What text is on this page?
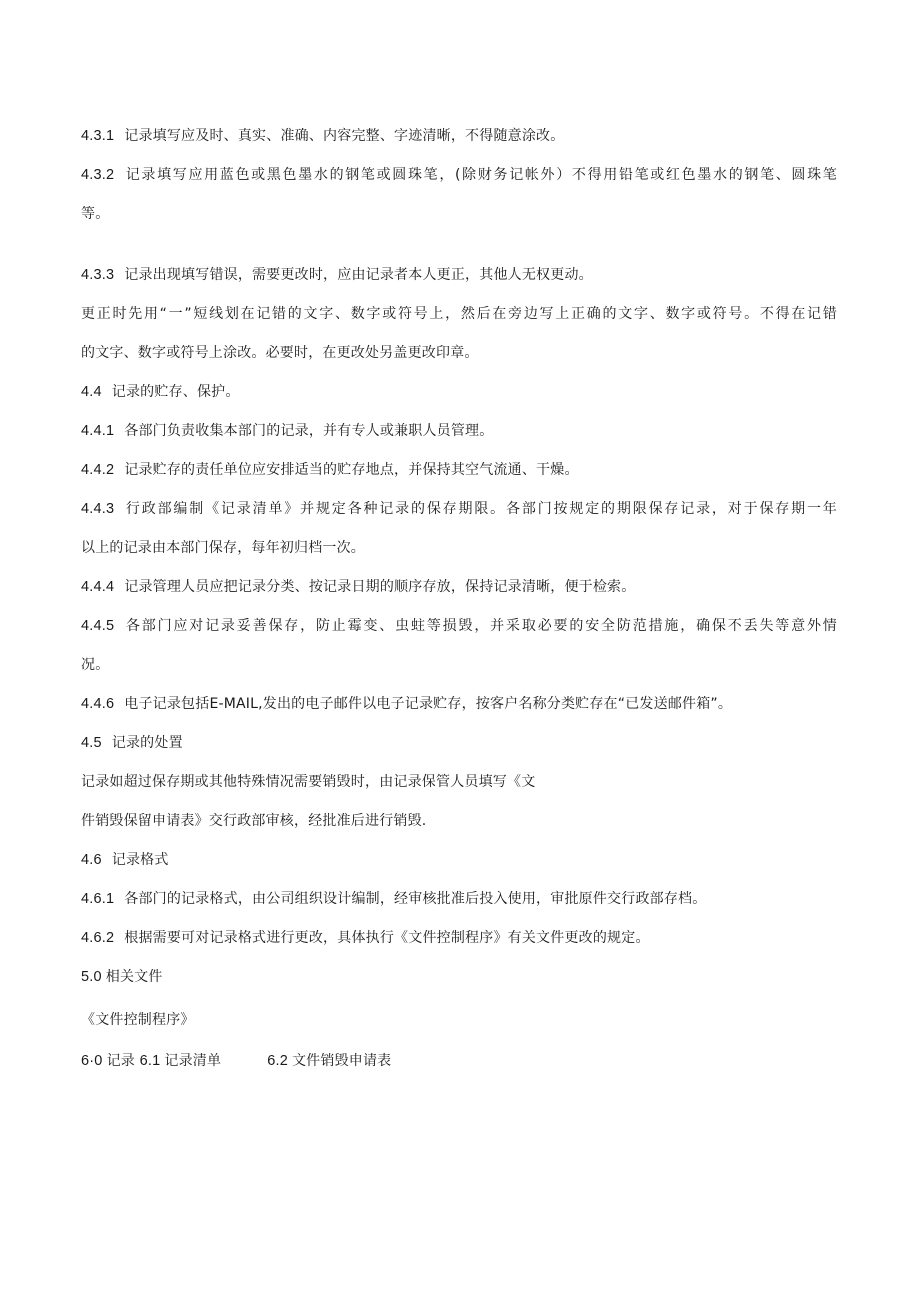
4.3.1 记录填写应及时、真实、准确、内容完整、字迹清晰，不得随意涂改。
4.3.2 记录填写应用蓝色或黑色墨水的钢笔或圆珠笔，(除财务记帐外）不得用铅笔或红色墨水的钢笔、圆珠笔
等。
4.3.3 记录出现填写错误，需要更改时，应由记录者本人更正，其他人无权更动。
更正时先用“一”短线划在记错的文字、数字或符号上，然后在旁边写上正确的文字、数字或符号。不得在记错
的文字、数字或符号上涂改。必要时，在更改处另盖更改印章。
4.4 记录的贮存、保护。
4.4.1 各部门负责收集本部门的记录，并有专人或兼职人员管理。
4.4.2 记录贮存的责任单位应安排适当的贮存地点，并保持其空气流通、干燥。
4.4.3 行政部编制《记录清单》并规定各种记录的保存期限。各部门按规定的期限保存记录，对于保存期一年
以上的记录由本部门保存，每年初归档一次。
4.4.4 记录管理人员应把记录分类、按记录日期的顺序存放，保持记录清晰，便于检索。
4.4.5 各部门应对记录妥善保存，防止霉变、虫蛀等损毁，并采取必要的安全防范措施，确保不丢失等意外情
况。
4.4.6 电子记录包括E-MAIL,发出的电子邮件以电子记录贮存，按客户名称分类贮存在“已发送邮件箱”。
4.5 记录的处置
记录如超过保存期或其他特殊情况需要销毁时，由记录保管人员填写《文
件销毁保留申请表》交行政部审核，经批准后进行销毁.
4.6 记录格式
4.6.1 各部门的记录格式，由公司组织设计编制，经审核批准后投入使用，审批原件交行政部存档。
4.6.2 根据需要可对记录格式进行更改，具体执行《文件控制程序》有关文件更改的规定。
5.0 相关文件
《文件控制程序》
6·0 记录 6.1 记录清单	6.2 文件销毁申请表
